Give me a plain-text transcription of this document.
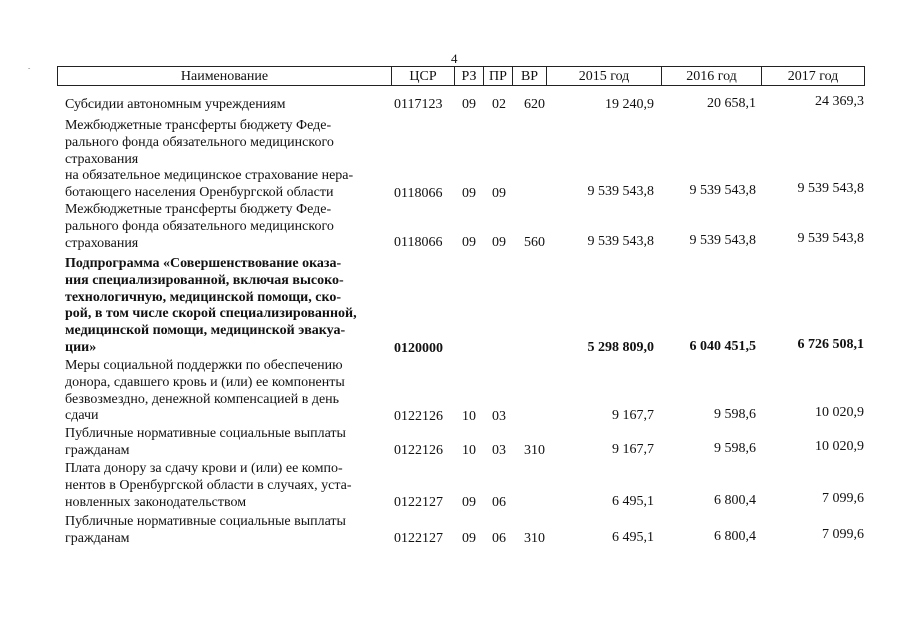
4
-
Наименование	ЦСР	РЗ ПР ВР	2015 год	2016 год	2017 год
Субсидии автономным учреждениям	0117123 09 02 620	19 240,9	20 658,1	24 369,3
Межбюджетные трансферты бюджету Феде-
рального фонда обязательного медицинского
страхования
на обязательное медицинское страхование нера-
ботающего населения Оренбургской области	0118066 09 09	9 539 543,8	9 539 543,8	9 539 543,8
Межбюджетные трансферты бюджету Феде-
рального фонда обязательного медицинского
страхования	0118066 09 09 560	9 539 543,8	9 539 543,8	9 539 543,8
Подпрограмма «Совершенствование оказа-
ния специализированной, включая высоко-
технологичную, медицинской помощи, ско-
рой, в том числе скорой специализированной,
медицинской помощи, медицинской эвакуа-
ции»	0120000	5 298 809,0	6 040 451,5	6 726 508,1
Меры социальной поддержки по обеспечению
донора, сдавшего кровь и (или) ее компоненты
безвозмездно, денежной компенсацией в день
сдачи	0122126 10 03	9 167,7	9 598,6	10 020,9
Публичные нормативные социальные выплаты
гражданам	0122126 10 03 310	9 167,7	9 598,6	10 020,9
Плата донору за сдачу крови и (или) ее компо-
нентов в Оренбургской области в случаях, уста-
новленных законодательством	0122127 09 06	6 495,1	6 800,4	7 099,6
Публичные нормативные социальные выплаты
гражданам	0122127 09 06 310	6 495,1	6 800,4	7 099,6
